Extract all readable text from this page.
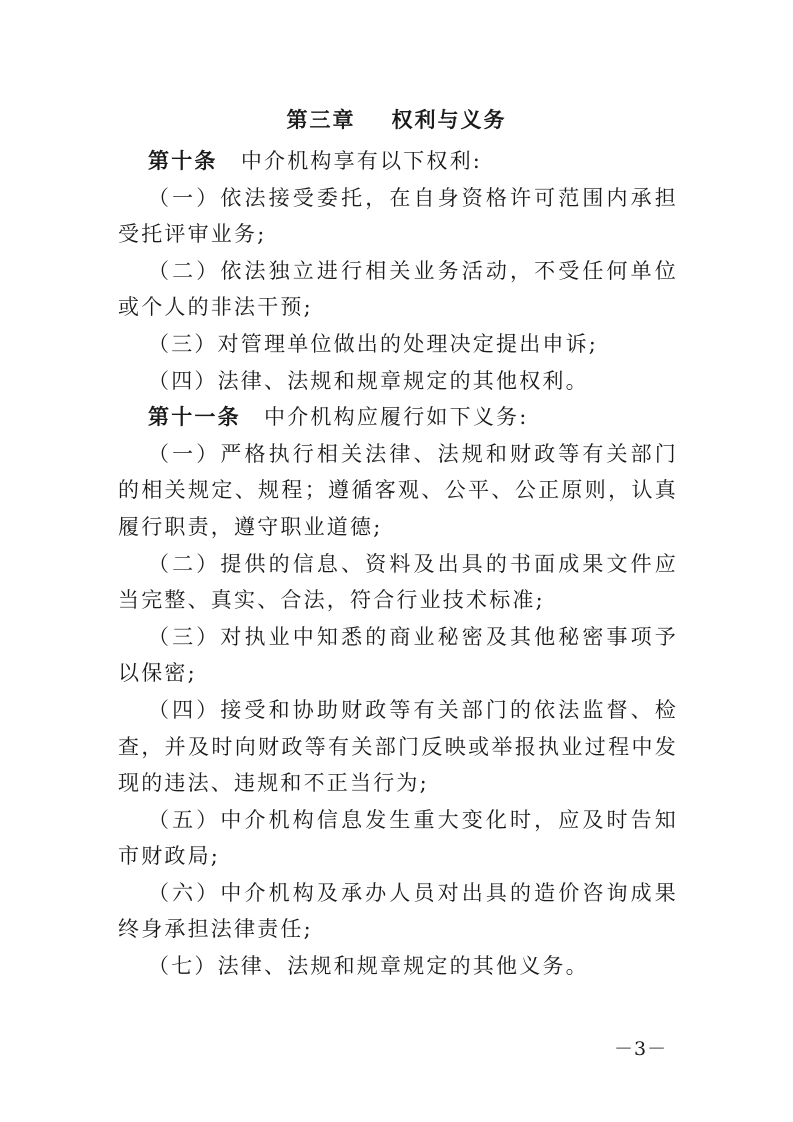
第三章 权利与义务

第十条　 中介机构享有以下权利:

（一）依法接受委托，在自身资格许可范围内承担受托评审业务;

（二）依法独立进行相关业务活动，不受任何单位或个人的非法干预;

（三）对管理单位做出的处理决定提出申诉;

（四）法律、法规和规章规定的其他权利。

第十一条　 中介机构应履行如下义务:

（一）严格执行相关法律、法规和财政等有关部门的相关规定、规程；遵循客观、公平、公正原则，认真履行职责，遵守职业道德;

（二）提供的信息、资料及出具的书面成果文件应当完整、真实、合法，符合行业技术标准;

（三）对执业中知悉的商业秘密及其他秘密事项予以保密;

（四）接受和协助财政等有关部门的依法监督、检查，并及时向财政等有关部门反映或举报执业过程中发现的违法、违规和不正当行为;

（五）中介机构信息发生重大变化时，应及时告知市财政局;

（六）中介机构及承办人员对出具的造价咨询成果终身承担法律责任;

（七）法律、法规和规章规定的其他义务。

－3－
